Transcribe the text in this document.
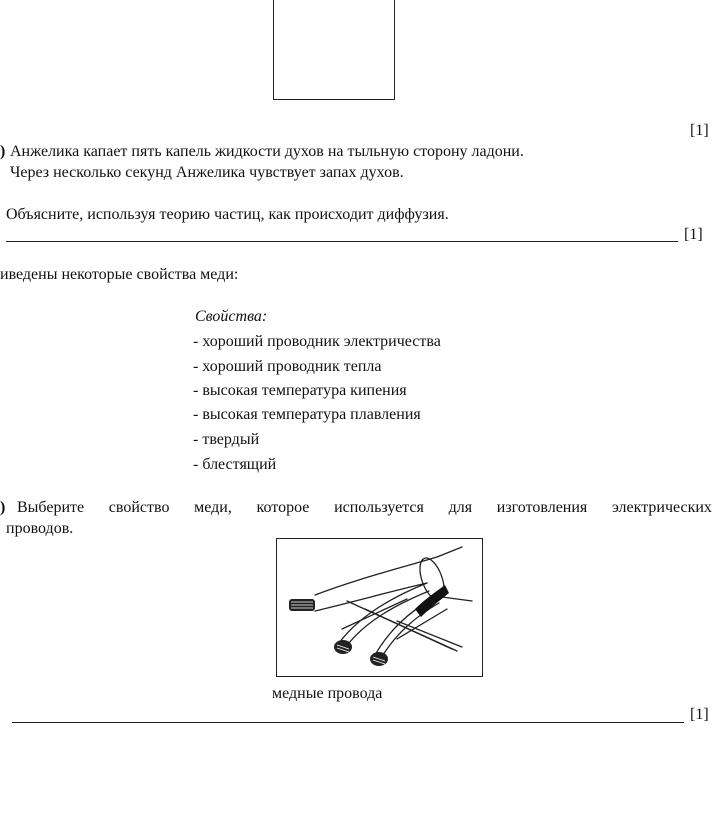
[1]
) Анжелика капает пять капель жидкости духов на тыльную сторону ладони.
Через несколько секунд Анжелика чувствует запах духов.
Объясните, используя теорию частиц, как происходит диффузия.
[1]
иведены некоторые свойства меди:
Свойства:
- хороший проводник электричества
- хороший проводник тепла
- высокая температура кипения
- высокая температура плавления
- твердый
- блестящий
) Выберите свойство меди, которое используется для изготовления электрических
проводов.
медные провода
[1]
